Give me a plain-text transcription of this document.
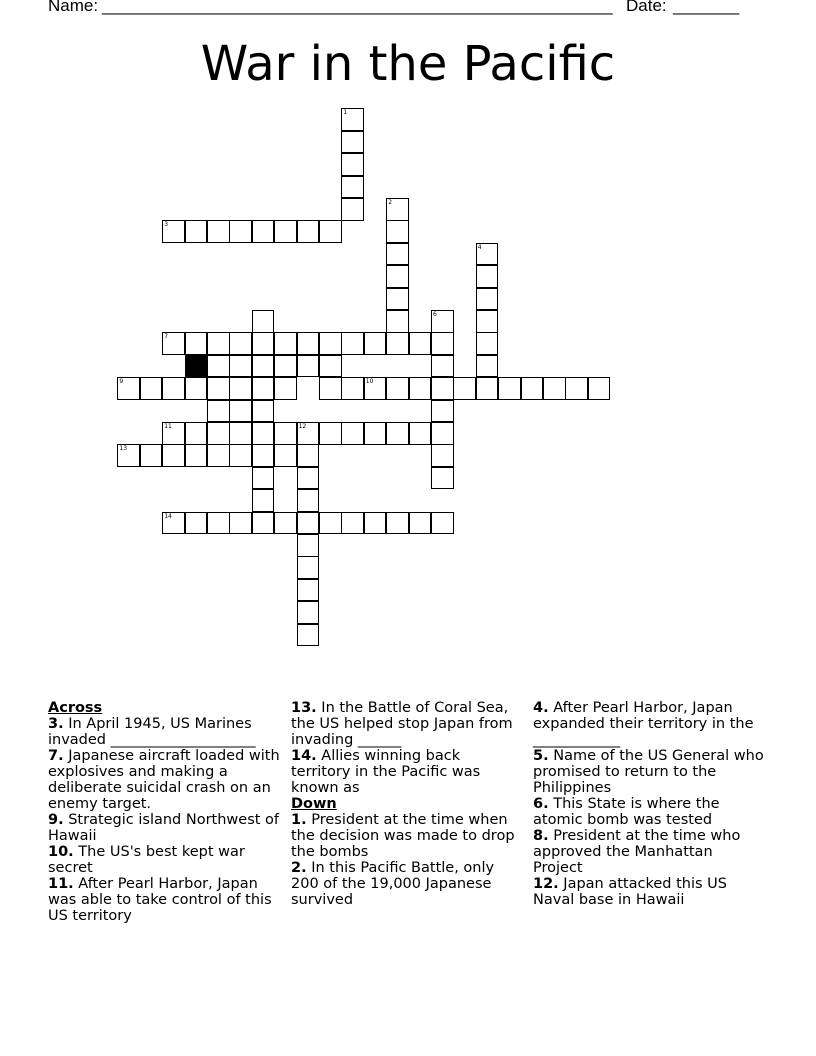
Name: ______________________________________________________ Date: _______
War in the Pacific
1
3
2
4
6
7
9	10
11	12
13
14
Across
3. In April 1945, US Marines invaded ____________________
7. Japanese aircraft loaded with explosives and making a deliberate suicidal crash on an enemy target.
9. Strategic island Northwest of Hawaii
10. The US's best kept war secret
11. After Pearl Harbor, Japan was able to take control of this US territory
13. In the Battle of Coral Sea, the US helped stop Japan from invading ______
14. Allies winning back territory in the Pacific was known as
Down
1. President at the time when the decision was made to drop the bombs
2. In this Pacific Battle, only 200 of the 19,000 Japanese survived
4. After Pearl Harbor, Japan expanded their territory in the ____________
5. Name of the US General who promised to return to the Philippines
6. This State is where the atomic bomb was tested
8. President at the time who approved the Manhattan Project
12. Japan attacked this US Naval base in Hawaii
